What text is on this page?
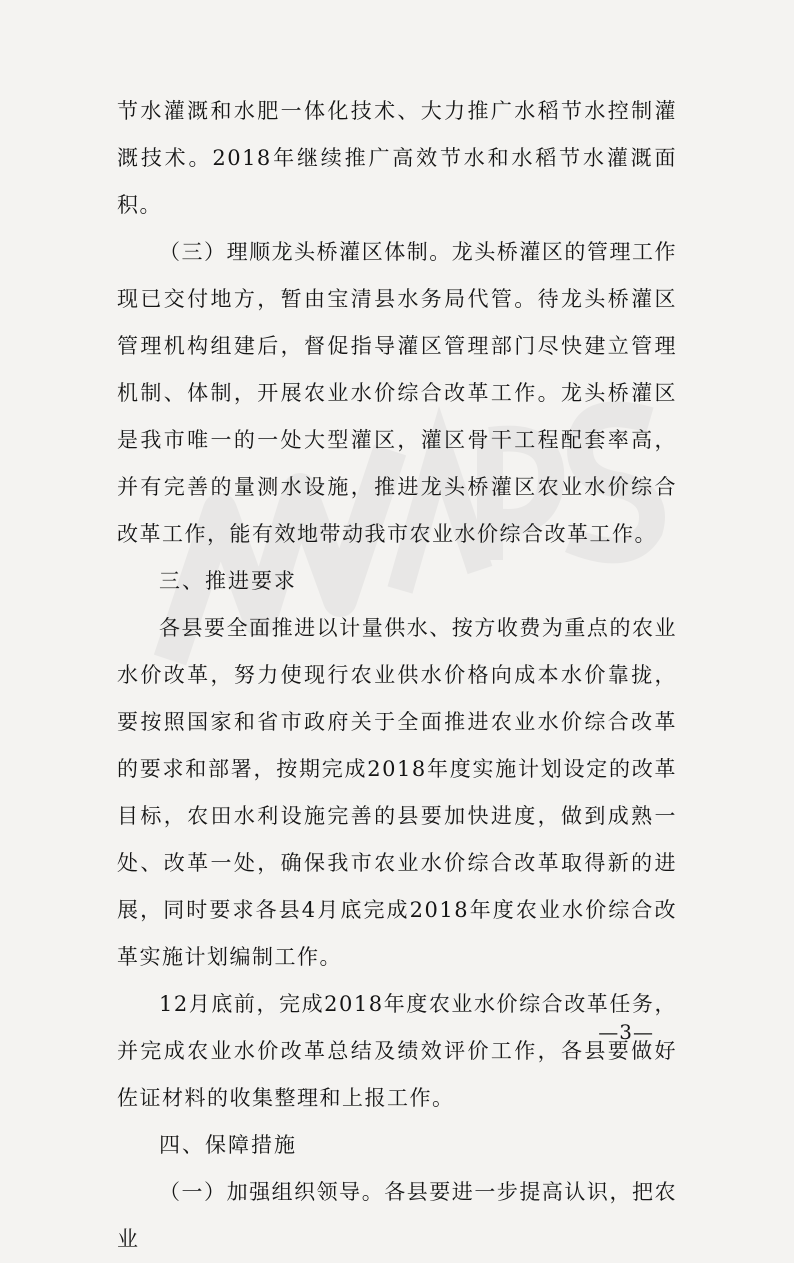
节水灌溉和水肥一体化技术、大力推广水稻节水控制灌溉技术。2018年继续推广高效节水和水稻节水灌溉面积。

（三）理顺龙头桥灌区体制。龙头桥灌区的管理工作现已交付地方，暂由宝清县水务局代管。待龙头桥灌区管理机构组建后，督促指导灌区管理部门尽快建立管理机制、体制，开展农业水价综合改革工作。龙头桥灌区是我市唯一的一处大型灌区，灌区骨干工程配套率高，并有完善的量测水设施，推进龙头桥灌区农业水价综合改革工作，能有效地带动我市农业水价综合改革工作。

三、推进要求

各县要全面推进以计量供水、按方收费为重点的农业水价改革，努力使现行农业供水价格向成本水价靠拢，要按照国家和省市政府关于全面推进农业水价综合改革的要求和部署，按期完成2018年度实施计划设定的改革目标，农田水利设施完善的县要加快进度，做到成熟一处、改革一处，确保我市农业水价综合改革取得新的进展，同时要求各县4月底完成2018年度农业水价综合改革实施计划编制工作。

12月底前，完成2018年度农业水价综合改革任务，并完成农业水价改革总结及绩效评价工作，各县要做好佐证材料的收集整理和上报工作。

四、保障措施

（一）加强组织领导。各县要进一步提高认识，把农业

—3—
